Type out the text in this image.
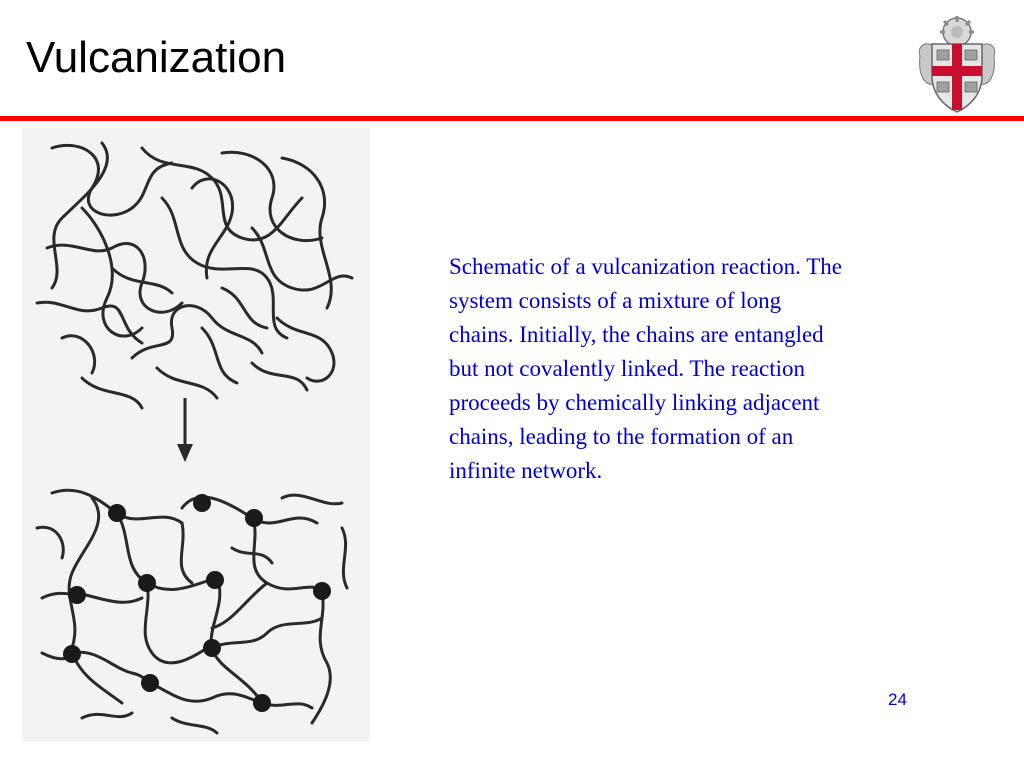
Vulcanization
Schematic of a vulcanization reaction. The
system consists of a mixture of long
chains. Initially, the chains are entangled
but not covalently linked. The reaction
proceeds by chemically linking adjacent
chains, leading to the formation of an
infinite network.
24
